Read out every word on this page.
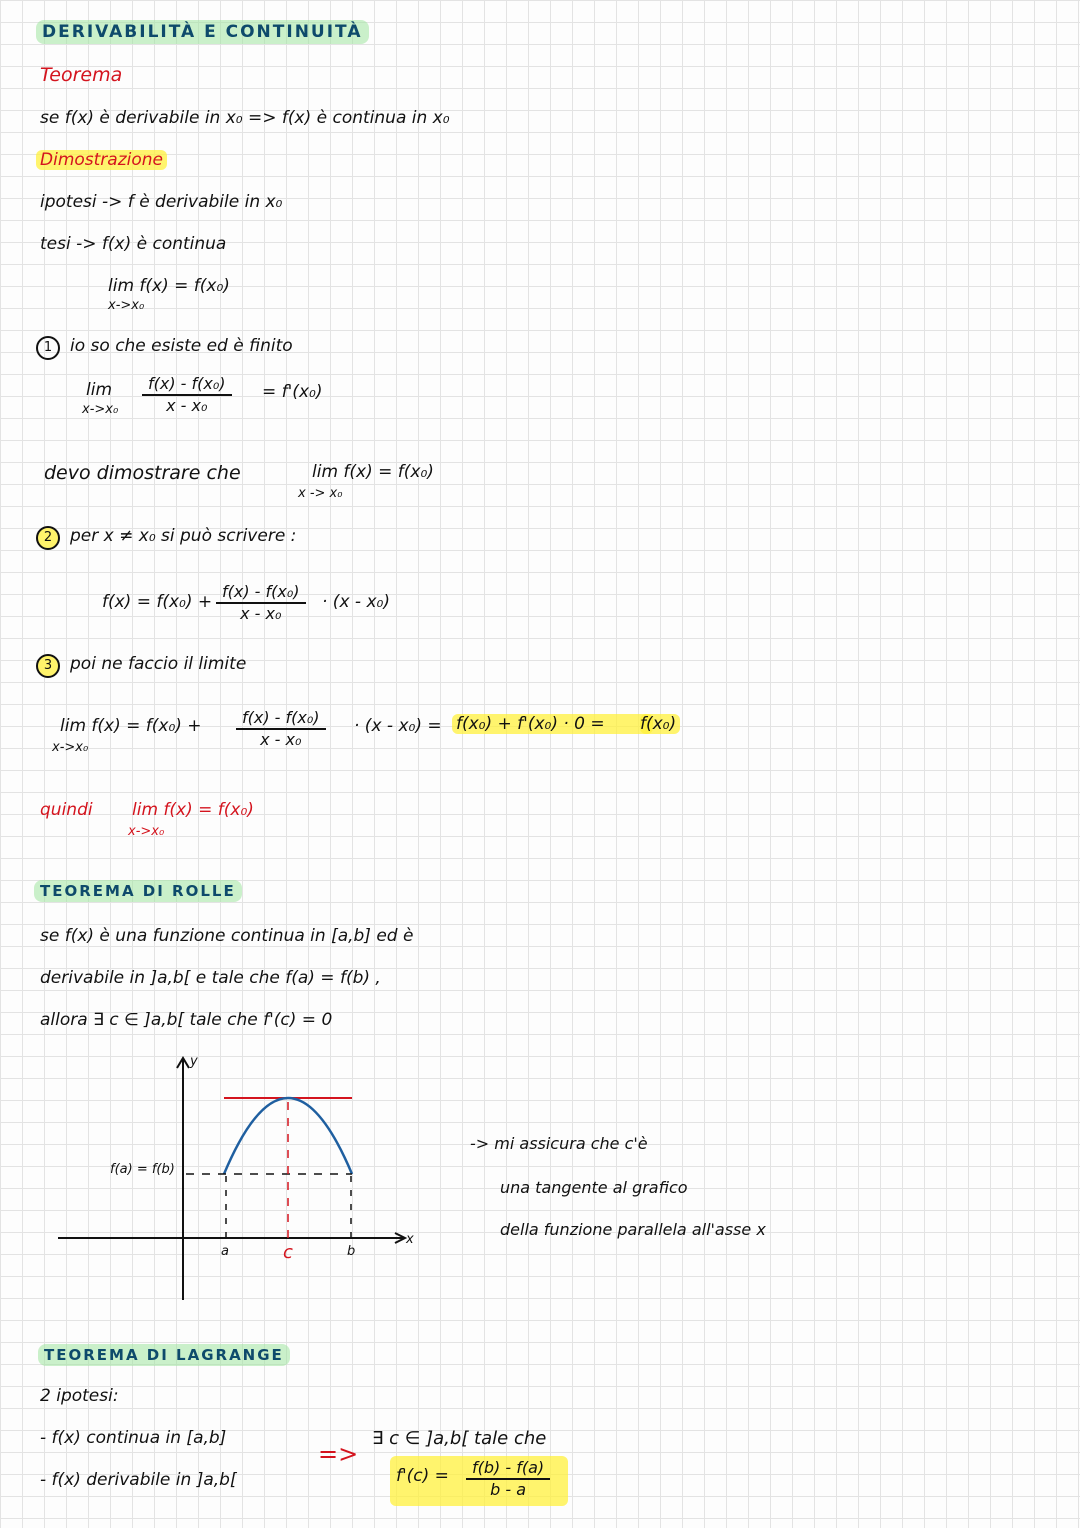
DERIVABILITÀ E CONTINUITÀ
Teorema
se f(x) è derivabile in x₀ => f(x) è continua in x₀
Dimostrazione
ipotesi -> f è derivabile in x₀
tesi -> f(x) è continua
lim f(x) = f(x₀)
x->x₀
1 io so che esiste ed è finito
lim
$x->x_0 \frac{\text{f(x) - f(x₀)}}{\text{x - x₀}} = f'(x_0)$
devo dimostrare che	lim f(x) = f(x₀)
x -> x₀
2 per x ≠ x₀ si può scrivere :
$f(x) = f(x_0) + \frac{\text{f(x) - f(x₀)}}{\text{x - x₀}} \cdot (x - x_0)$
3 poi ne faccio il limite
lim f(x) = f(x₀) +
x->x₀	$\frac{\text{f(x) - f(x₀)}}{\text{x - x₀}} \cdot (x - x_0) = f(x_0) + f'(x_0) \cdot 0$ =	f(x₀)
quindi lim f(x) = f(x₀)
x->x₀
TEOREMA DI ROLLE
se f(x) è una funzione continua in [a,b] ed è
derivabile in ]a,b[ e tale che f(a) = f(b) ,
allora ∃ c ∈ ]a,b[ tale che f'(c) = 0
y
x
a	c	b
f(a) = f(b)
-> mi assicura che c'è
una tangente al grafico
della funzione parallela all'asse x
TEOREMA DI LAGRANGE
2 ipotesi:
- f(x) continua in [a,b]
- f(x) derivabile in ]a,b[
=>
∃ c ∈ ]a,b[ tale che
$f'(c) = \frac{f(b) - f(a)}{b - a}$
